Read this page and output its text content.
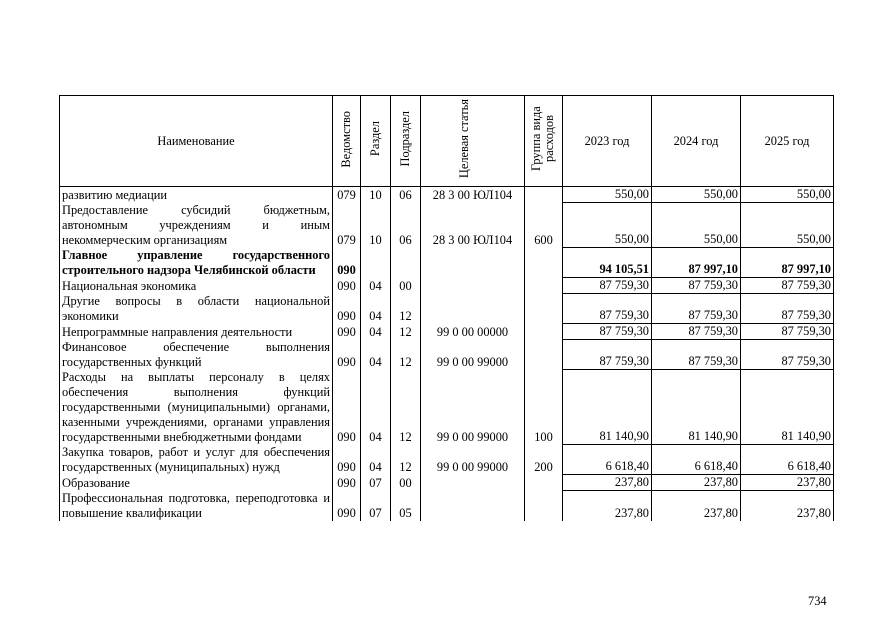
Наименование	Ведомство	Раздел	Подраздел	Целевая статья	Группа вида расходов	2023 год	2024 год	2025 год
развитию медиации	079	10	06	28 3 00 ЮЛ104		550,00	550,00	550,00
Предоставление субсидий бюджетным, автономным учреждениям и иным некоммерческим организациям	079	10	06	28 3 00 ЮЛ104	600	550,00	550,00	550,00
Главное управление государственного строительного надзора Челябинской области	090					94 105,51	87 997,10	87 997,10
Национальная экономика	090	04	00			87 759,30	87 759,30	87 759,30
Другие вопросы в области национальной экономики	090	04	12			87 759,30	87 759,30	87 759,30
Непрограммные направления деятельности	090	04	12	99 0 00 00000		87 759,30	87 759,30	87 759,30
Финансовое обеспечение выполнения государственных функций	090	04	12	99 0 00 99000		87 759,30	87 759,30	87 759,30
Расходы на выплаты персоналу в целях обеспечения выполнения функций государственными (муниципальными) органами, казенными учреждениями, органами управления государственными внебюджетными фондами	090	04	12	99 0 00 99000	100	81 140,90	81 140,90	81 140,90
Закупка товаров, работ и услуг для обеспечения государственных (муниципальных) нужд	090	04	12	99 0 00 99000	200	6 618,40	6 618,40	6 618,40
Образование	090	07	00			237,80	237,80	237,80
Профессиональная подготовка, переподготовка и повышение квалификации	090	07	05			237,80	237,80	237,80
734
